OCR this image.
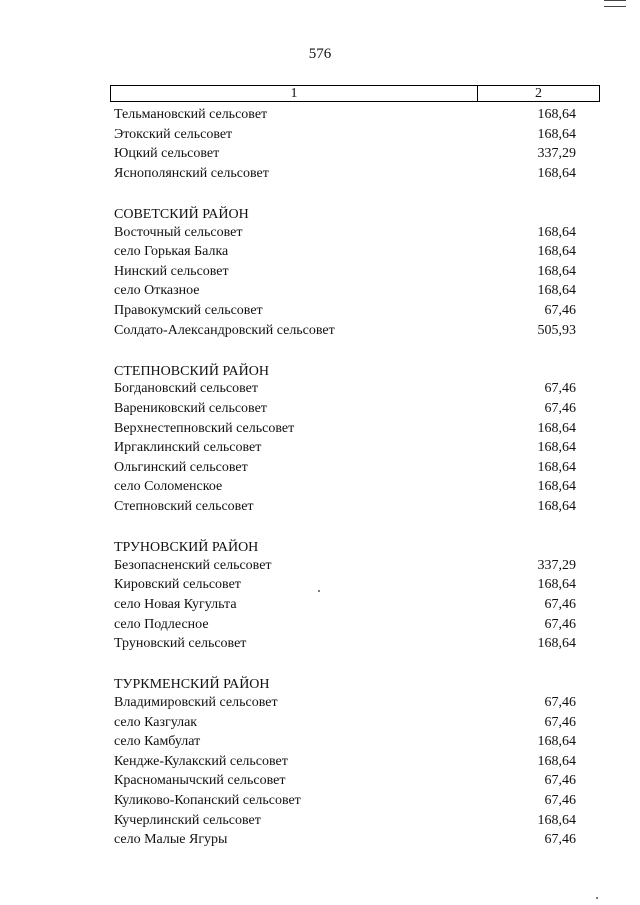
576
1	2
Тельмановский сельсовет	168,64
Этокский сельсовет	168,64
Юцкий сельсовет	337,29
Яснополянский сельсовет	168,64
СОВЕТСКИЙ РАЙОН
Восточный сельсовет	168,64
село Горькая Балка	168,64
Нинский сельсовет	168,64
село Отказное	168,64
Правокумский сельсовет	67,46
Солдато-Александровский сельсовет	505,93
СТЕПНОВСКИЙ РАЙОН
Богдановский сельсовет	67,46
Варениковский сельсовет	67,46
Верхнестепновский сельсовет	168,64
Иргаклинский сельсовет	168,64
Ольгинский сельсовет	168,64
село Соломенское	168,64
Степновский сельсовет	168,64
ТРУНОВСКИЙ РАЙОН
Безопасненский сельсовет	337,29
Кировский сельсовет	168,64
село Новая Кугульта	67,46
село Подлесное	67,46
Труновский сельсовет	168,64
ТУРКМЕНСКИЙ РАЙОН
Владимировский сельсовет	67,46
село Казгулак	67,46
село Камбулат	168,64
Кендже-Кулакский сельсовет	168,64
Красноманычский сельсовет	67,46
Куликово-Копанский сельсовет	67,46
Кучерлинский сельсовет	168,64
село Малые Ягуры	67,46
